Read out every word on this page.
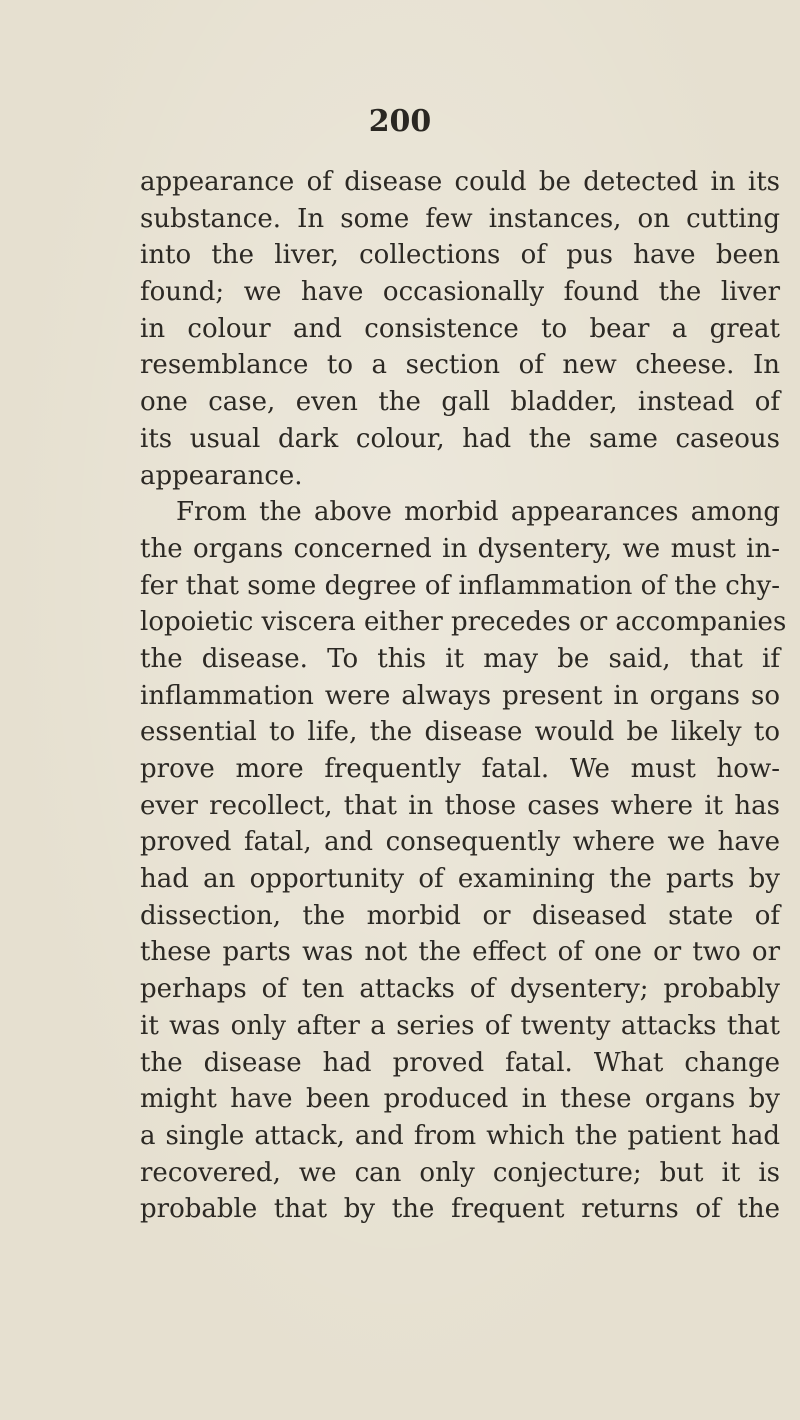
200
appearance of disease could be detected in its
substance. In some few instances, on cutting
into the liver, collections of pus have been
found; we have occasionally found the liver
in colour and consistence to bear a great
resemblance to a section of new cheese. In
one case, even the gall bladder, instead of
its usual dark colour, had the same caseous
appearance.
From the above morbid appearances among
the organs concerned in dysentery, we must in-
fer that some degree of inflammation of the chy-
lopoietic viscera either precedes or accompanies
the disease. To this it may be said, that if
inflammation were always present in organs so
essential to life, the disease would be likely to
prove more frequently fatal. We must how-
ever recollect, that in those cases where it has
proved fatal, and consequently where we have
had an opportunity of examining the parts by
dissection, the morbid or diseased state of
these parts was not the effect of one or two or
perhaps of ten attacks of dysentery; probably
it was only after a series of twenty attacks that
the disease had proved fatal. What change
might have been produced in these organs by
a single attack, and from which the patient had
recovered, we can only conjecture; but it is
probable that by the frequent returns of the
